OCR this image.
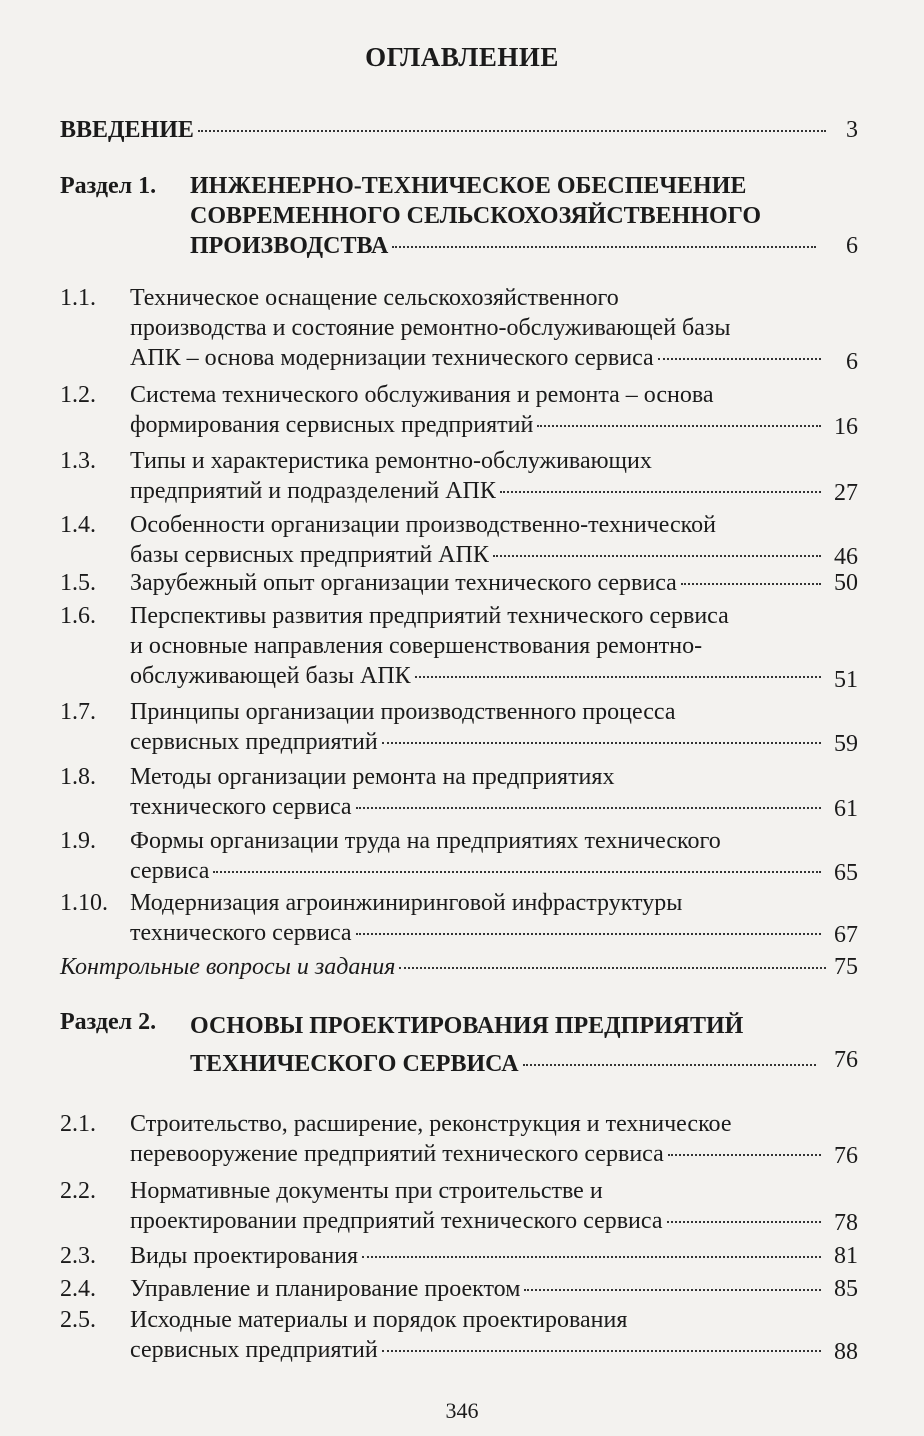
ОГЛАВЛЕНИЕ
ВВЕДЕНИЕ	3
Раздел 1. ИНЖЕНЕРНО-ТЕХНИЧЕСКОЕ ОБЕСПЕЧЕНИЕ
СОВРЕМЕННОГО СЕЛЬСКОХОЗЯЙСТВЕННОГО
ПРОИЗВОДСТВА	6
1.1. Техническое оснащение сельскохозяйственного
производства и состояние ремонтно-обслуживающей базы
АПК – основа модернизации технического сервиса	6
1.2. Система технического обслуживания и ремонта – основа
формирования сервисных предприятий	16
1.3. Типы и характеристика ремонтно-обслуживающих
предприятий и подразделений АПК	27
1.4. Особенности организации производственно-технической
базы сервисных предприятий АПК	46
1.5. Зарубежный опыт организации технического сервиса	50
1.6. Перспективы развития предприятий технического сервиса
и основные направления совершенствования ремонтно-
обслуживающей базы АПК	51
1.7. Принципы организации производственного процесса
сервисных предприятий	59
1.8. Методы организации ремонта на предприятиях
технического сервиса	61
1.9. Формы организации труда на предприятиях технического
сервиса	65
1.10. Модернизация агроинжиниринговой инфраструктуры
технического сервиса	67
Контрольные вопросы и задания	75
Раздел 2. ОСНОВЫ ПРОЕКТИРОВАНИЯ ПРЕДПРИЯТИЙ
ТЕХНИЧЕСКОГО СЕРВИСА	76
2.1. Строительство, расширение, реконструкция и техническое
перевооружение предприятий технического сервиса	76
2.2. Нормативные документы при строительстве и
проектировании предприятий технического сервиса	78
2.3. Виды проектирования	81
2.4. Управление и планирование проектом	85
2.5. Исходные материалы и порядок проектирования
сервисных предприятий	88
346
